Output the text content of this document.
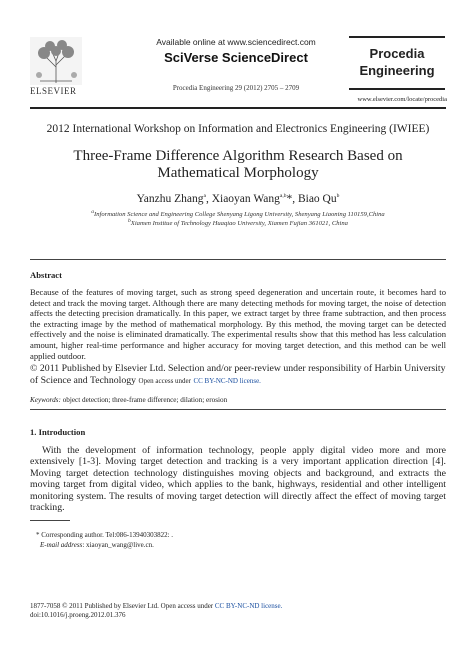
ELSEVIER
Available online at www.sciencedirect.com
SciVerse ScienceDirect
Procedia Engineering 29 (2012) 2705 – 2709
Procedia
Engineering
www.elsevier.com/locate/procedia
2012 International Workshop on Information and Electronics Engineering (IWIEE)
Three-Frame Difference Algorithm Research Based on
Mathematical Morphology
Yanzhu Zhang$^a$, Xiaoyan Wang$^{a,b}$*, Biao Qu$^b$
$^a$Information Science and Engineering College Shenyang Ligong University, Shenyang Liaoning 110159,China
$^b$Xiamen Institue of Technology Huaqiao University, Xiamen Fujian 361021, China
Abstract

Because of the features of moving target, such as strong speed degeneration and uncertain route, it becomes hard to detect and track the moving target. Although there are many detecting methods for moving target, the noise of detection affects the detecting precision dramatically. In this paper, we extract target by three frame subtraction, and then process the extracting image by the method of mathematical morphology. By this method, the moving target can be detected effectively and the noise is eliminated dramatically. The experimental results show that this method has less calculation amount, higher real-time performance and higher accuracy for moving target detection, and this method can be well applied outdoor.

© 2011 Published by Elsevier Ltd. Selection and/or peer-review under responsibility of Harbin University of Science and Technology Open access under CC BY-NC-ND license.
Keywords: object detection; three-frame difference; dilation; erosion
1. Introduction

With the development of information technology, people apply digital video more and more extensively [1-3]. Moving target detection and tracking is a very important application direction [4]. Moving target detection technology distinguishes moving objects and background, and extracts the moving target from digital video, which applies to the bank, highways, residential and other intelligent monitoring system. The results of moving target detection will directly affect the effect of moving target tracking.

* Corresponding author. Tel:086-13940303822: .
E-mail address: xiaoyan_wang@live.cn.
1877-7058 © 2011 Published by Elsevier Ltd. Open access under CC BY-NC-ND license.
doi:10.1016/j.proeng.2012.01.376
